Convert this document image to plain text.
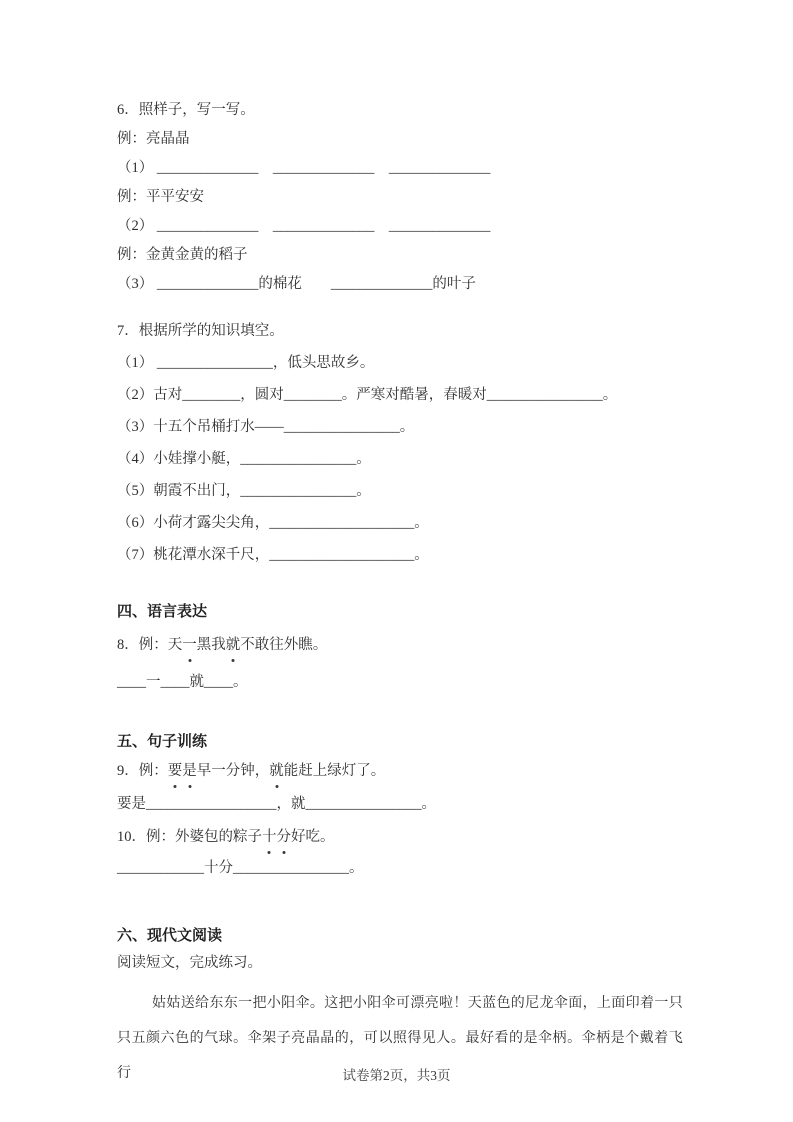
6．照样子，写一写。
例：亮晶晶
（1） ______________　______________　______________
例：平平安安
（2） ______________　______________　______________
例：金黄金黄的稻子
（3） ______________的棉花　　______________的叶子
7．根据所学的知识填空。
（1） ________________，低头思故乡。
（2）古对________，圆对________。严寒对酷暑，春暖对________________。
（3）十五个吊桶打水——________________。
（4）小娃撑小艇，________________。
（5）朝霞不出门，________________。
（6）小荷才露尖尖角，____________________。
（7）桃花潭水深千尺，____________________。
四、语言表达
8．例：天一黑我就不敢往外瞧。
____一____就____。
五、句子训练
9．例：要是早一分钟，就能赶上绿灯了。
要是__________________，就________________。
10．例：外婆包的粽子十分好吃。
____________十分________________。
六、现代文阅读
阅读短文，完成练习。

姑姑送给东东一把小阳伞。这把小阳伞可漂亮啦！天蓝色的尼龙伞面，上面印着一只只五颜六色的气球。伞架子亮晶晶的，可以照得见人。最好看的是伞柄。伞柄是个戴着飞行	试卷第2页，共3页
